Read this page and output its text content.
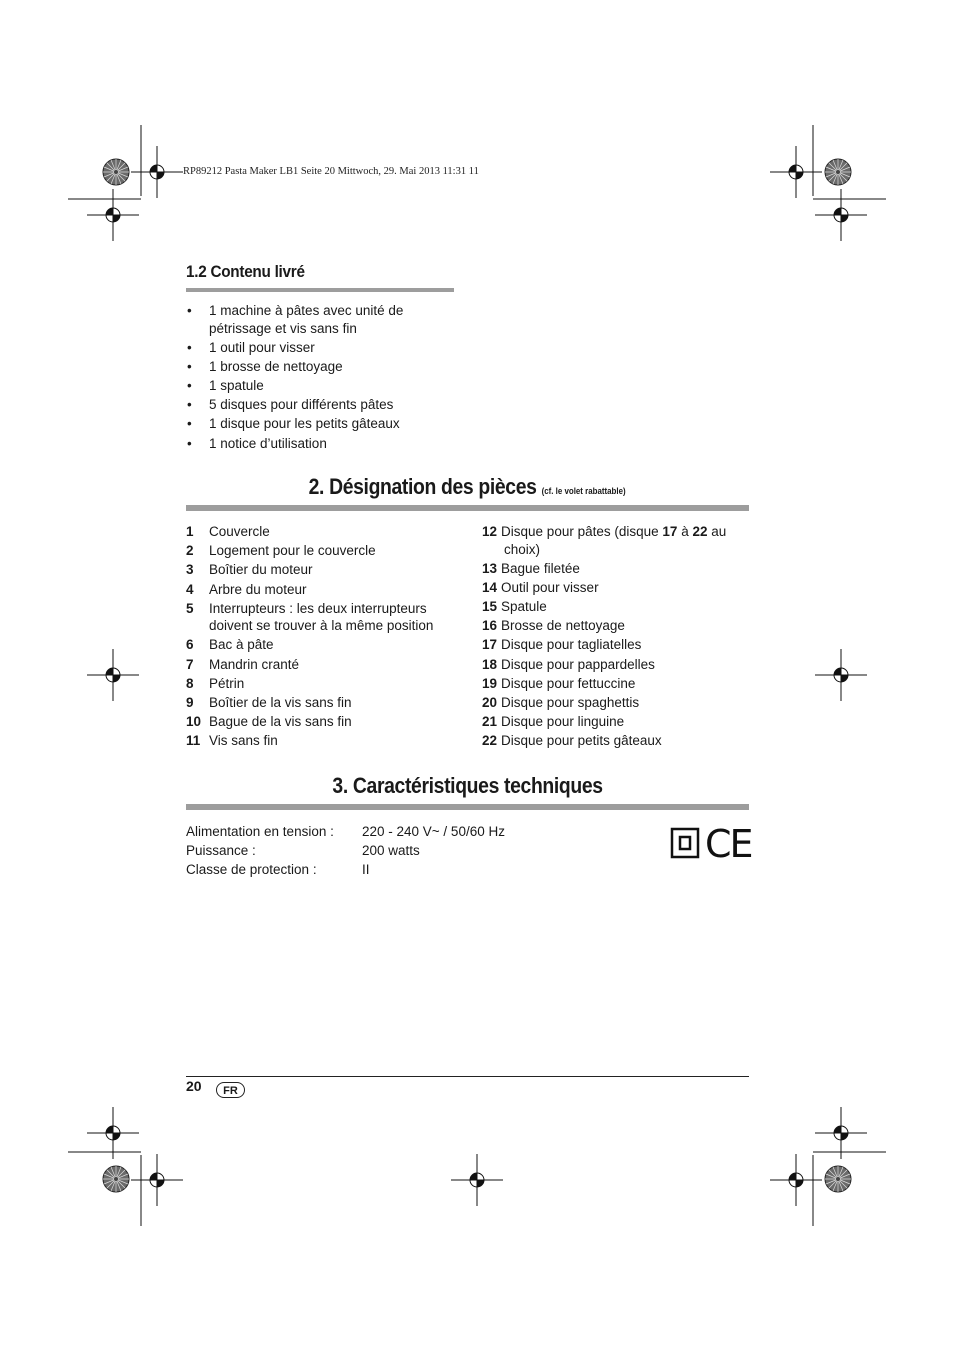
RP89212 Pasta Maker LB1 Seite 20 Mittwoch, 29. Mai 2013 11:31 11
1.2 Contenu livré
• 1 machine à pâtes avec unité de pétrissage et vis sans fin
• 1 outil pour visser
• 1 brosse de nettoyage
• 1 spatule
• 5 disques pour différents pâtes
• 1 disque pour les petits gâteaux
• 1 notice d’utilisation
2. Désignation des pièces (cf. le volet rabattable)
1 Couvercle
2 Logement pour le couvercle
3 Boîtier du moteur
4 Arbre du moteur
5 Interrupteurs : les deux interrupteurs doivent se trouver à la même position
6 Bac à pâte
7 Mandrin cranté
8 Pétrin
9 Boîtier de la vis sans fin
10 Bague de la vis sans fin
11 Vis sans fin
12 Disque pour pâtes (disque 17 à 22 au
choix)
13 Bague filetée
14 Outil pour visser
15 Spatule
16 Brosse de nettoyage
17 Disque pour tagliatelles
18 Disque pour pappardelles
19 Disque pour fettuccine
20 Disque pour spaghettis
21 Disque pour linguine
22 Disque pour petits gâteaux
3. Caractéristiques techniques
Alimentation en tension : 220 - 240 V~ / 50/60 Hz
Puissance :	200 watts
Classe de protection :	II
CE
20	FR
